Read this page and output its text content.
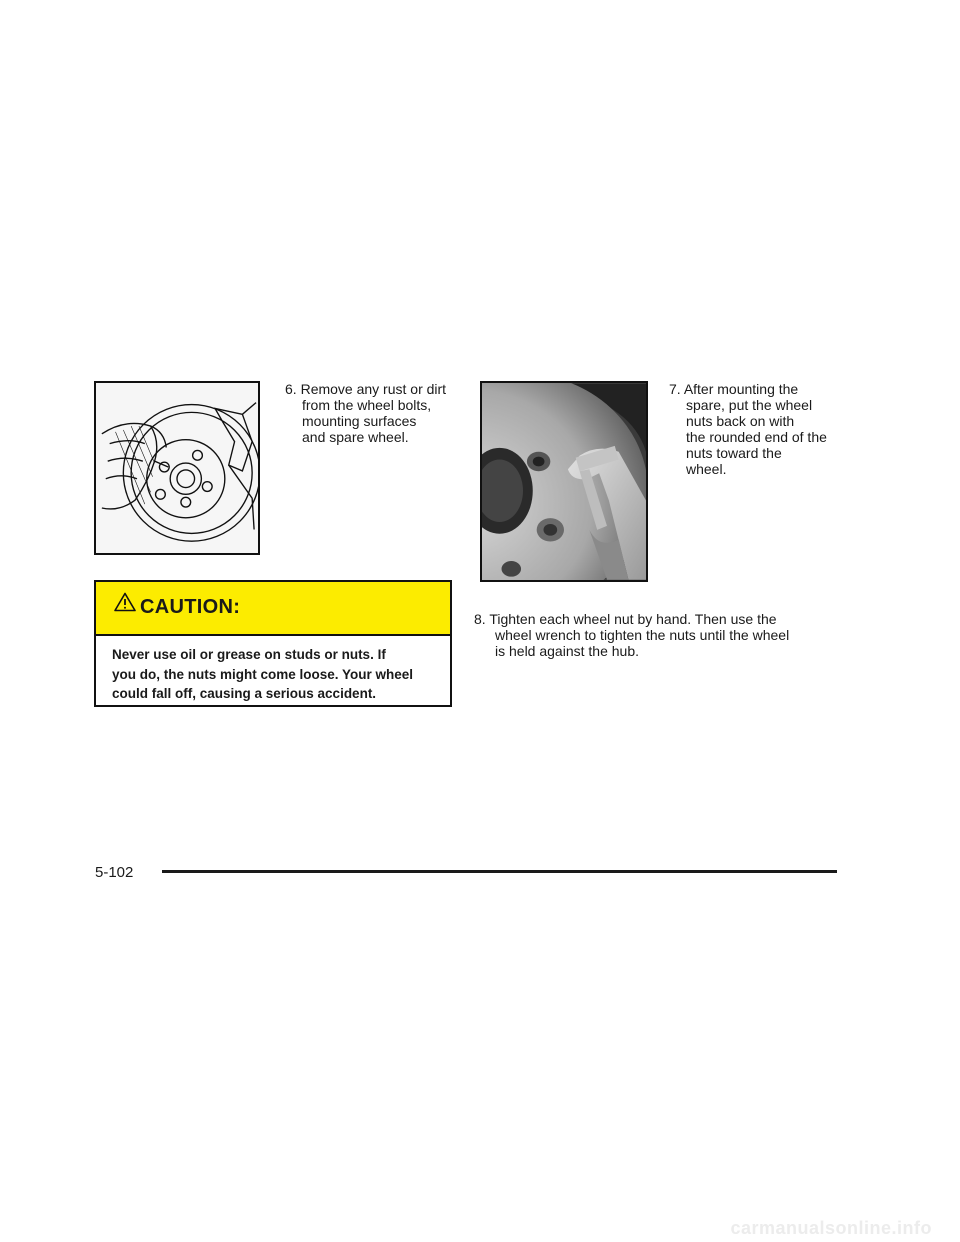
6. Remove any rust or dirt
from the wheel bolts,
mounting surfaces
and spare wheel.
7. After mounting the
spare, put the wheel
nuts back on with
the rounded end of the
nuts toward the
wheel.
CAUTION:
Never use oil or grease on studs or nuts. If
you do, the nuts might come loose. Your wheel
could fall off, causing a serious accident.
8. Tighten each wheel nut by hand. Then use the
wheel wrench to tighten the nuts until the wheel
is held against the hub.
5-102
carmanualsonline.info
